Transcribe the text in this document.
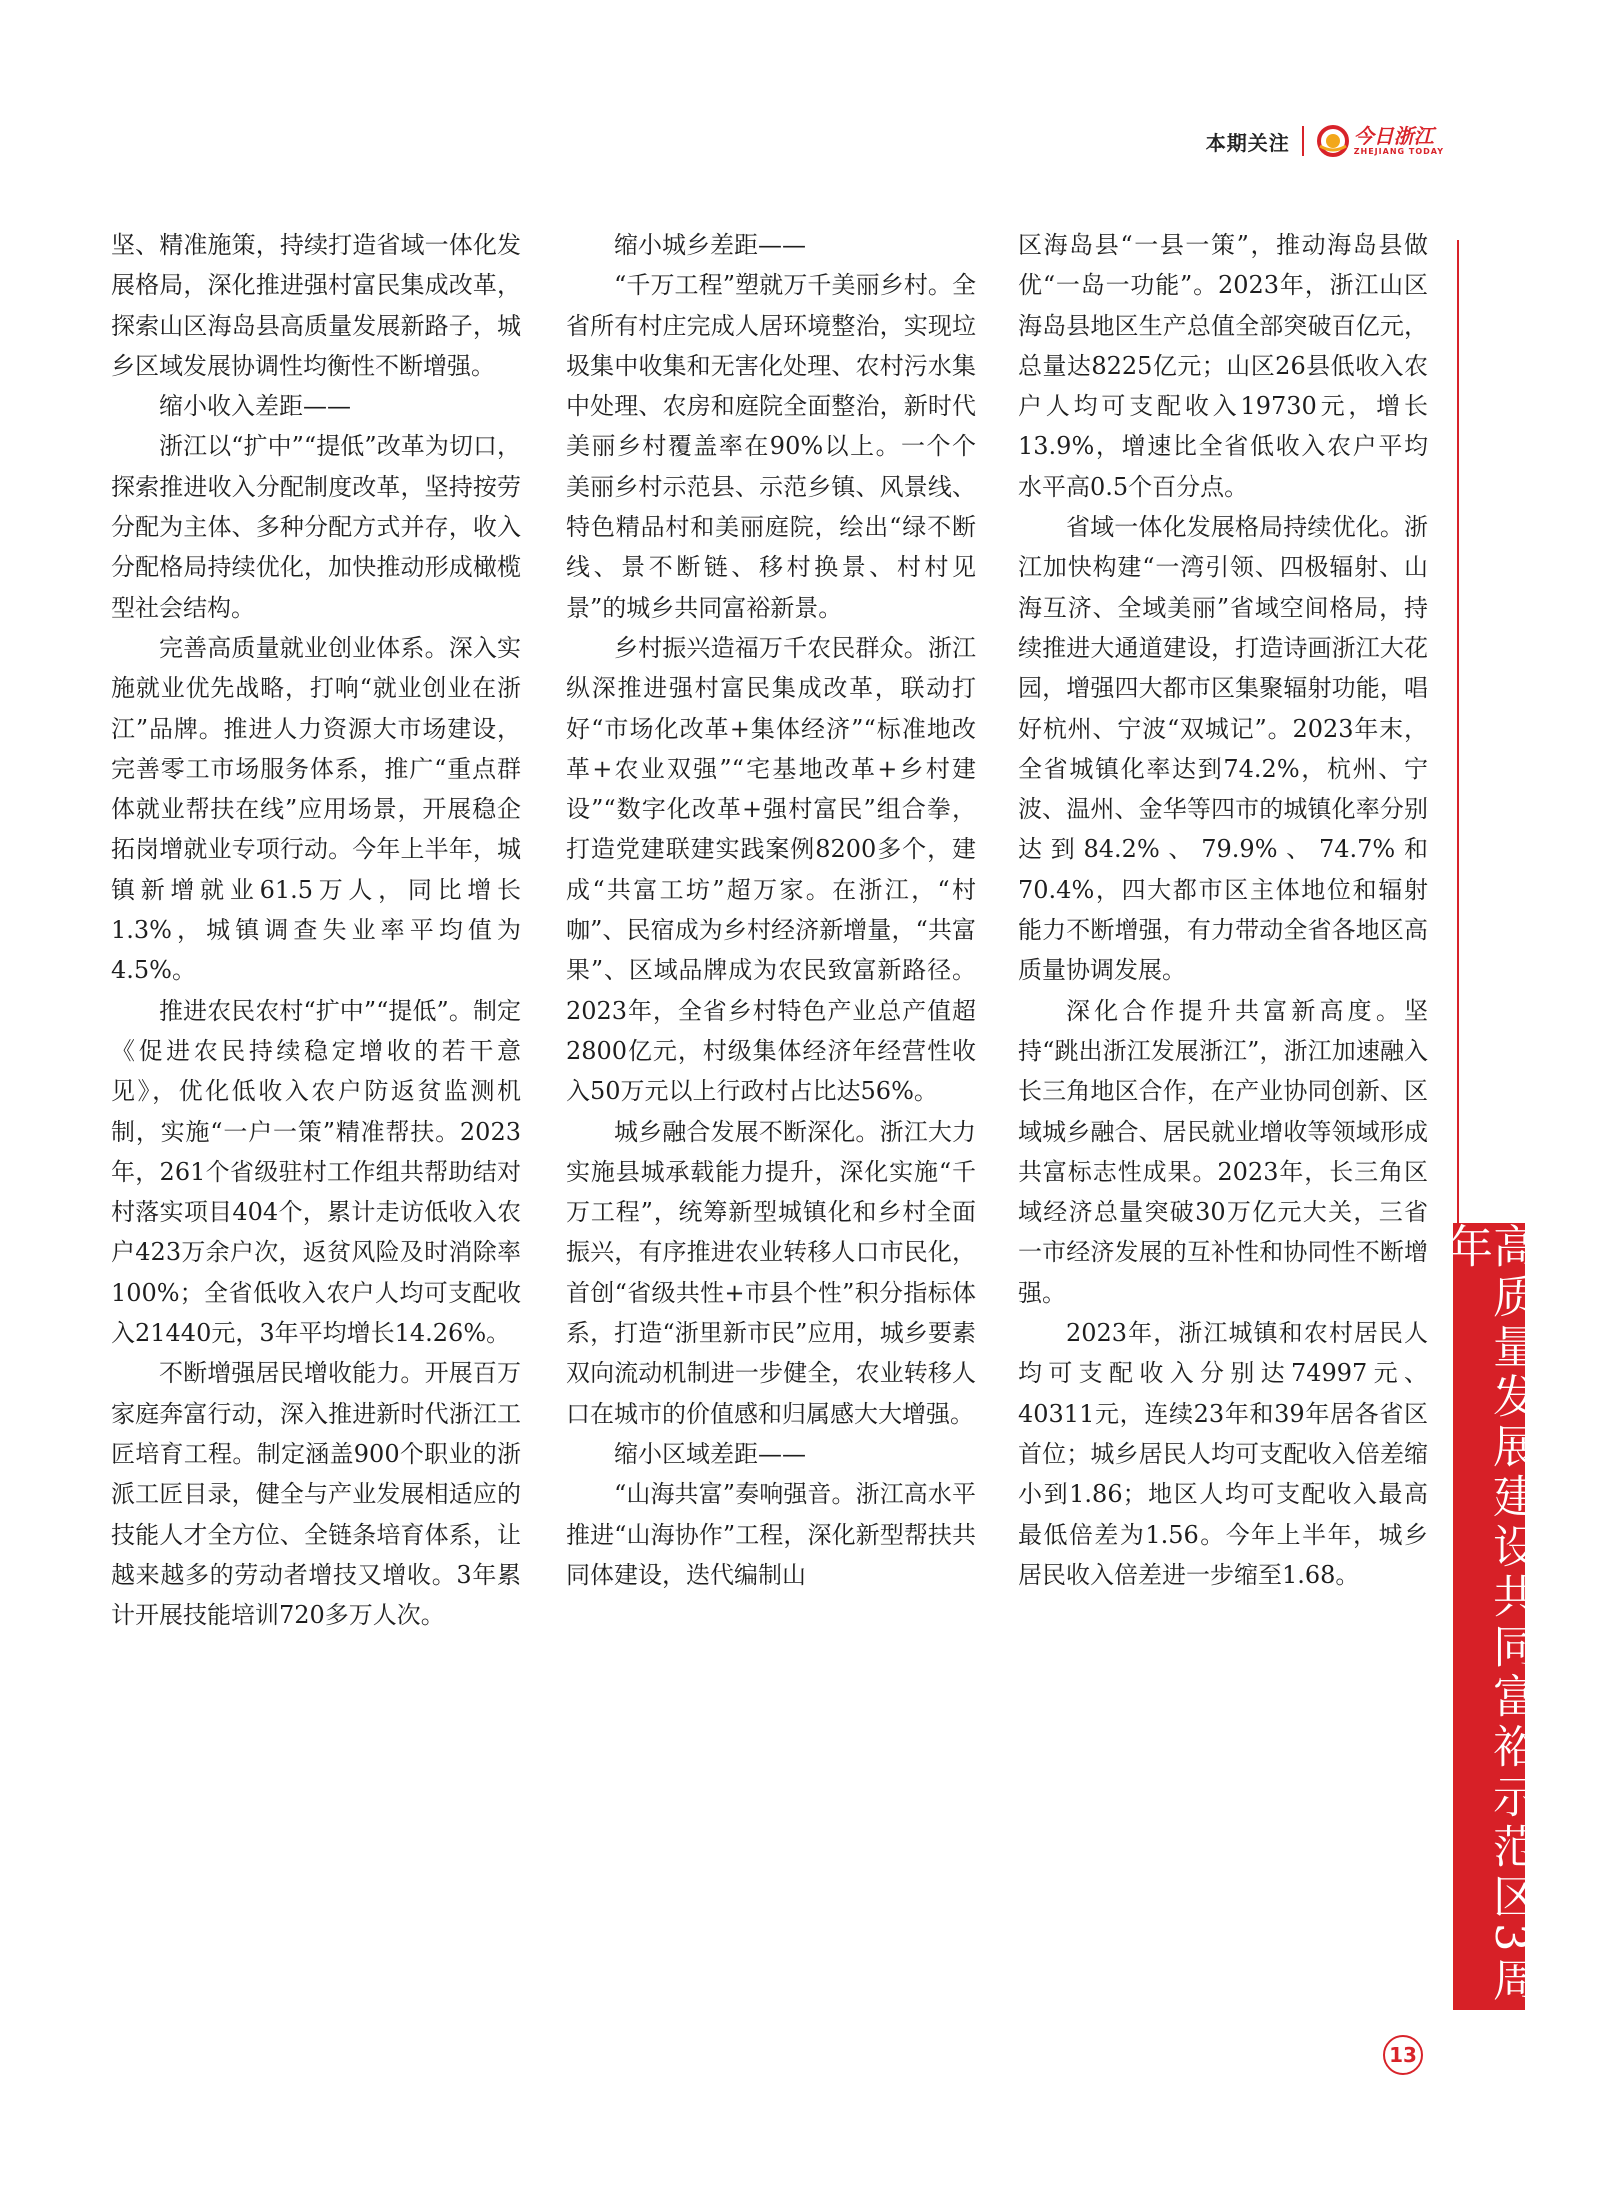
本期关注	今日浙江
ZHEJIANG TODAY

坚、精准施策，持续打造省域一体化发展格局，深化推进强村富民集成改革，探索山区海岛县高质量发展新路子，城乡区域发展协调性均衡性不断增强。

缩小收入差距——

浙江以“扩中”“提低”改革为切口，探索推进收入分配制度改革，坚持按劳分配为主体、多种分配方式并存，收入分配格局持续优化，加快推动形成橄榄型社会结构。

完善高质量就业创业体系。深入实施就业优先战略，打响“就业创业在浙江”品牌。推进人力资源大市场建设，完善零工市场服务体系，推广“重点群体就业帮扶在线”应用场景，开展稳企拓岗增就业专项行动。今年上半年，城镇新增就业61.5万人，同比增长1.3%，城镇调查失业率平均值为4.5%。

推进农民农村“扩中”“提低”。制定《促进农民持续稳定增收的若干意见》，优化低收入农户防返贫监测机制，实施“一户一策”精准帮扶。2023年，261个省级驻村工作组共帮助结对村落实项目404个，累计走访低收入农户423万余户次，返贫风险及时消除率100%；全省低收入农户人均可支配收入21440元，3年平均增长14.26%。

不断增强居民增收能力。开展百万家庭奔富行动，深入推进新时代浙江工匠培育工程。制定涵盖900个职业的浙派工匠目录，健全与产业发展相适应的技能人才全方位、全链条培育体系，让越来越多的劳动者增技又增收。3年累计开展技能培训720多万人次。

缩小城乡差距——

“千万工程”塑就万千美丽乡村。全省所有村庄完成人居环境整治，实现垃圾集中收集和无害化处理、农村污水集中处理、农房和庭院全面整治，新时代美丽乡村覆盖率在90%以上。一个个美丽乡村示范县、示范乡镇、风景线、特色精品村和美丽庭院，绘出“绿不断线、景不断链、移村换景、村村见景”的城乡共同富裕新景。

乡村振兴造福万千农民群众。浙江纵深推进强村富民集成改革，联动打好“市场化改革+集体经济”“标准地改革+农业双强”“宅基地改革+乡村建设”“数字化改革+强村富民”组合拳，打造党建联建实践案例8200多个，建成“共富工坊”超万家。在浙江，“村咖”、民宿成为乡村经济新增量，“共富果”、区域品牌成为农民致富新路径。2023年，全省乡村特色产业总产值超2800亿元，村级集体经济年经营性收入50万元以上行政村占比达56%。

城乡融合发展不断深化。浙江大力实施县城承载能力提升，深化实施“千万工程”，统筹新型城镇化和乡村全面振兴，有序推进农业转移人口市民化，首创“省级共性+市县个性”积分指标体系，打造“浙里新市民”应用，城乡要素双向流动机制进一步健全，农业转移人口在城市的价值感和归属感大大增强。

缩小区域差距——

“山海共富”奏响强音。浙江高水平推进“山海协作”工程，深化新型帮扶共同体建设，迭代编制山

区海岛县“一县一策”，推动海岛县做优“一岛一功能”。2023年，浙江山区海岛县地区生产总值全部突破百亿元，总量达8225亿元；山区26县低收入农户人均可支配收入19730元，增长13.9%，增速比全省低收入农户平均水平高0.5个百分点。

省域一体化发展格局持续优化。浙江加快构建“一湾引领、四极辐射、山海互济、全域美丽”省域空间格局，持续推进大通道建设，打造诗画浙江大花园，增强四大都市区集聚辐射功能，唱好杭州、宁波“双城记”。2023年末，全省城镇化率达到74.2%，杭州、宁波、温州、金华等四市的城镇化率分别达到84.2%、79.9%、74.7%和70.4%，四大都市区主体地位和辐射能力不断增强，有力带动全省各地区高质量协调发展。

深化合作提升共富新高度。坚持“跳出浙江发展浙江”，浙江加速融入长三角地区合作，在产业协同创新、区域城乡融合、居民就业增收等领域形成共富标志性成果。2023年，长三角区域经济总量突破30万亿元大关，三省一市经济发展的互补性和协同性不断增强。

2023年，浙江城镇和农村居民人均可支配收入分别达74997元、40311元，连续23年和39年居各省区首位；城乡居民人均可支配收入倍差缩小到1.86；地区人均可支配收入最高最低倍差为1.56。今年上半年，城乡居民收入倍差进一步缩至1.68。	高质量发展建设共同富裕示范区3周年
13
